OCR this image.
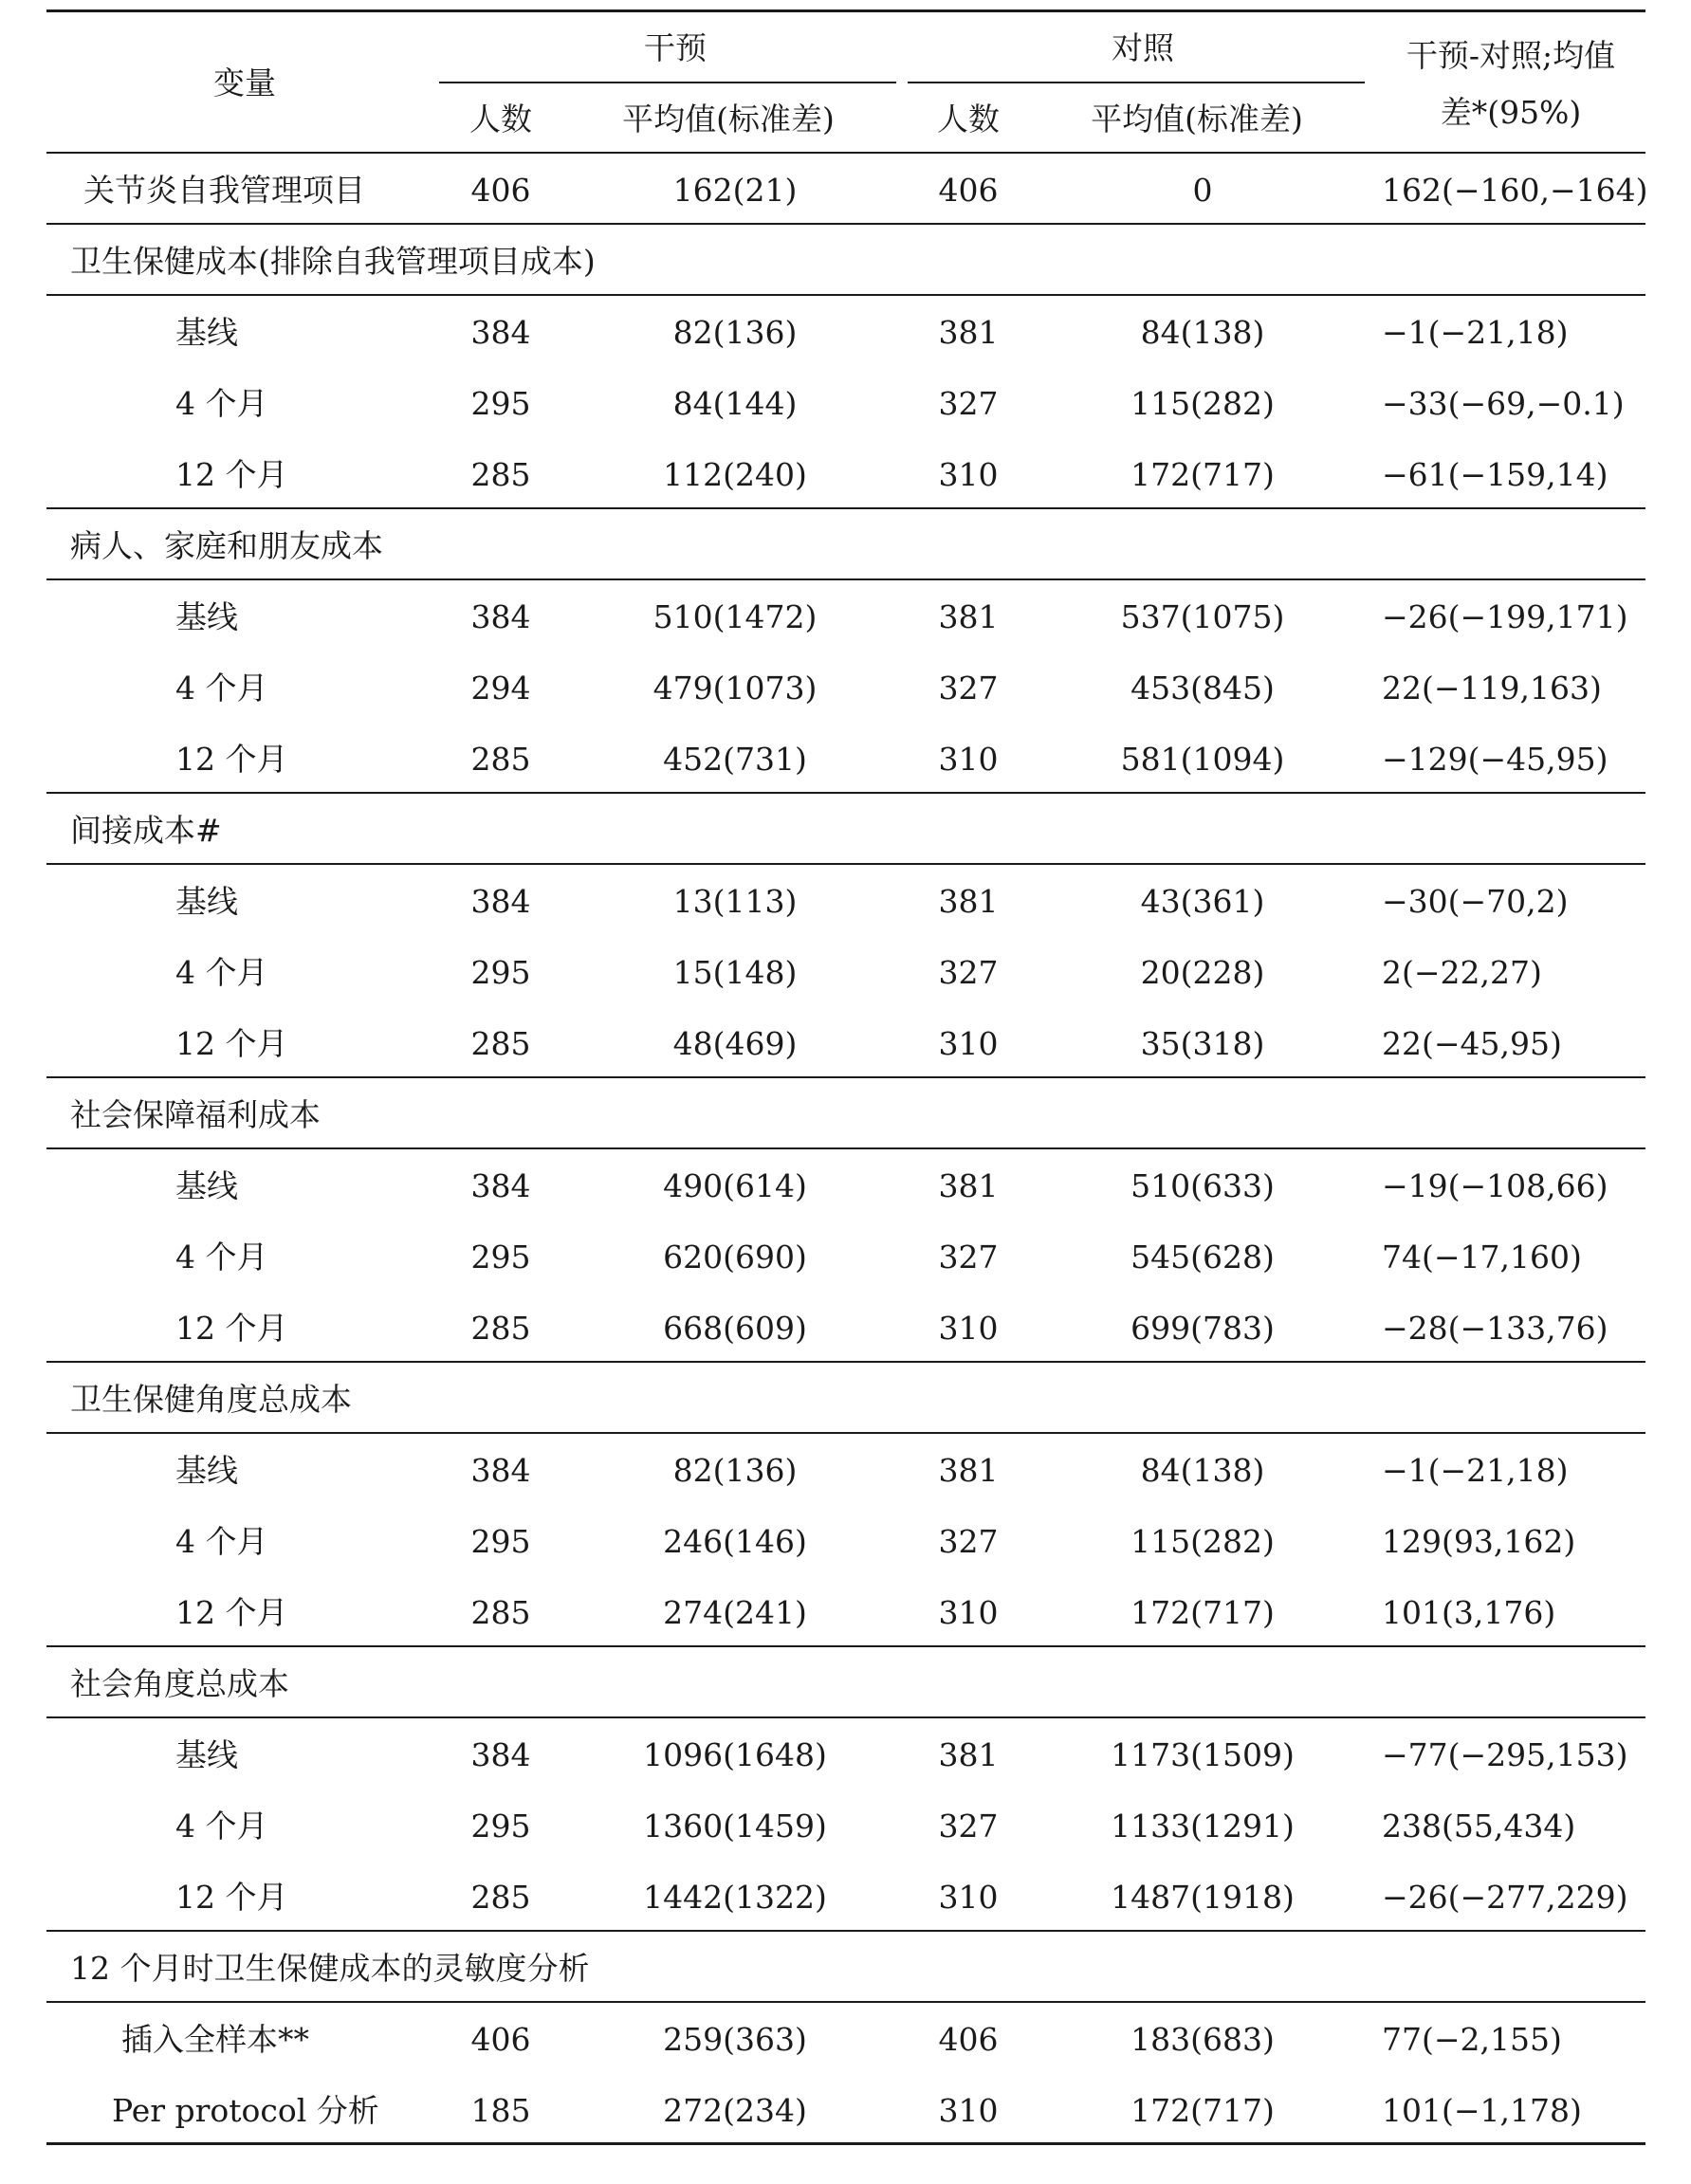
变量
干预	对照
人数	平均值(标准差)	人数	平均值(标准差)
干预-对照;均值
差*(95%)
关节炎自我管理项目	406	162(21)	406	0	162(−160,−164)
卫生保健成本(排除自我管理项目成本)
基线	384	82(136)	381	84(138)	−1(−21,18)
4 个月	295	84(144)	327	115(282)	−33(−69,−0.1)
12 个月	285	112(240)	310	172(717)	−61(−159,14)
病人、家庭和朋友成本
基线	384	510(1472)	381	537(1075)	−26(−199,171)
4 个月	294	479(1073)	327	453(845)	22(−119,163)
12 个月	285	452(731)	310	581(1094)	−129(−45,95)
间接成本#
基线	384	13(113)	381	43(361)	−30(−70,2)
4 个月	295	15(148)	327	20(228)	2(−22,27)
12 个月	285	48(469)	310	35(318)	22(−45,95)
社会保障福利成本
基线	384	490(614)	381	510(633)	−19(−108,66)
4 个月	295	620(690)	327	545(628)	74(−17,160)
12 个月	285	668(609)	310	699(783)	−28(−133,76)
卫生保健角度总成本
基线	384	82(136)	381	84(138)	−1(−21,18)
4 个月	295	246(146)	327	115(282)	129(93,162)
12 个月	285	274(241)	310	172(717)	101(3,176)
社会角度总成本
基线	384	1096(1648)	381	1173(1509)	−77(−295,153)
4 个月	295	1360(1459)	327	1133(1291)	238(55,434)
12 个月	285	1442(1322)	310	1487(1918)	−26(−277,229)
12 个月时卫生保健成本的灵敏度分析
插入全样本**	406	259(363)	406	183(683)	77(−2,155)
Per protocol 分析	185	272(234)	310	172(717)	101(−1,178)
